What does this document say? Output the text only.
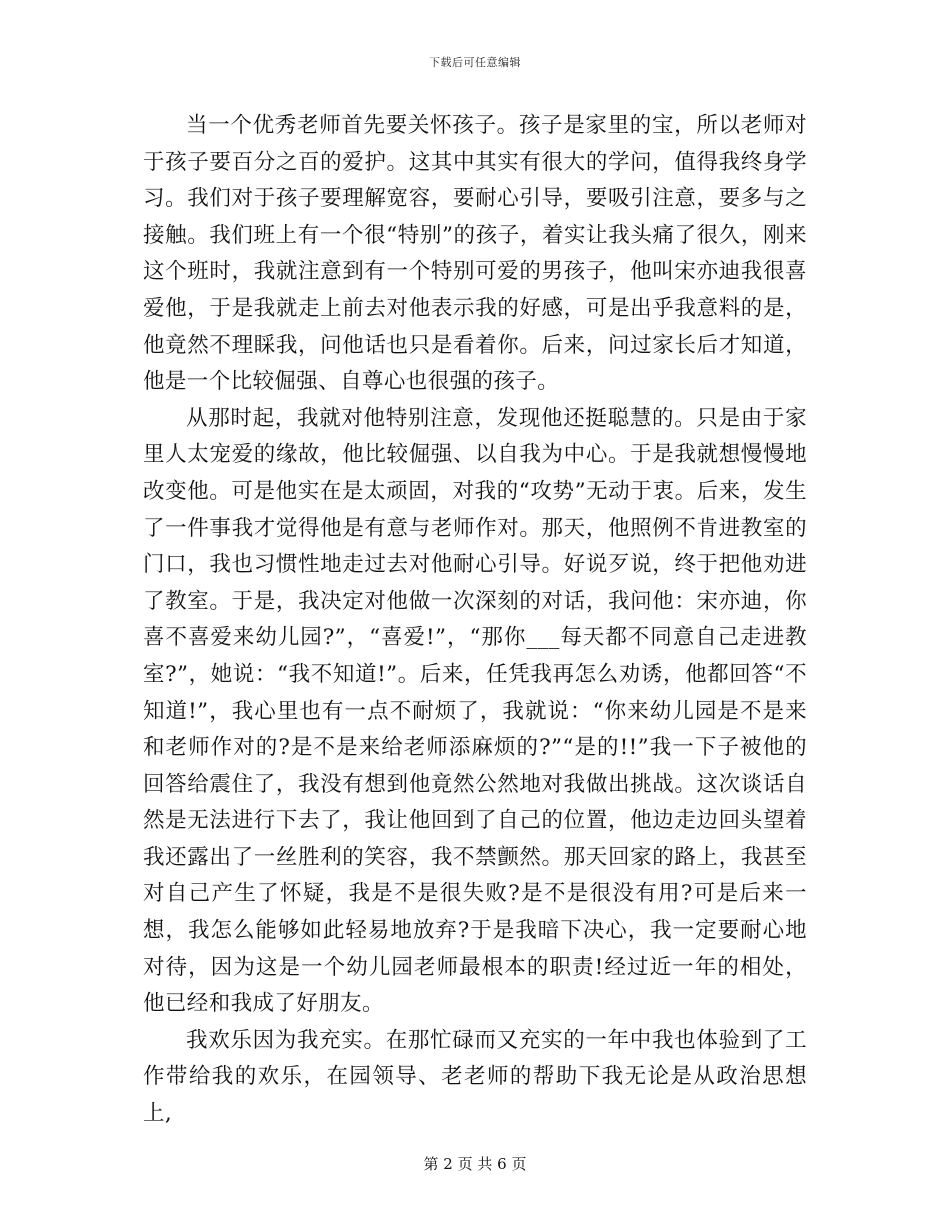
下载后可任意编辑

当一个优秀老师首先要关怀孩子。孩子是家里的宝，所以老师对于孩子要百分之百的爱护。这其中其实有很大的学问，值得我终身学习。我们对于孩子要理解宽容，要耐心引导，要吸引注意，要多与之接触。我们班上有一个很“特别”的孩子，着实让我头痛了很久，刚来这个班时，我就注意到有一个特别可爱的男孩子，他叫宋亦迪我很喜爱他，于是我就走上前去对他表示我的好感，可是出乎我意料的是，他竟然不理睬我，问他话也只是看着你。后来，问过家长后才知道，他是一个比较倔强、自尊心也很强的孩子。

从那时起，我就对他特别注意，发现他还挺聪慧的。只是由于家里人太宠爱的缘故，他比较倔强、以自我为中心。于是我就想慢慢地改变他。可是他实在是太顽固，对我的“攻势”无动于衷。后来，发生了一件事我才觉得他是有意与老师作对。那天，他照例不肯进教室的门口，我也习惯性地走过去对他耐心引导。好说歹说，终于把他劝进了教室。于是，我决定对他做一次深刻的对话，我问他：宋亦迪，你喜不喜爱来幼儿园?”，“喜爱!”，“那你___每天都不同意自己走进教室?”，她说：“我不知道!”。后来，任凭我再怎么劝诱，他都回答“不知道!”，我心里也有一点不耐烦了，我就说：“你来幼儿园是不是来和老师作对的?是不是来给老师添麻烦的?”“是的!!”我一下子被他的回答给震住了，我没有想到他竟然公然地对我做出挑战。这次谈话自然是无法进行下去了，我让他回到了自己的位置，他边走边回头望着我还露出了一丝胜利的笑容，我不禁颤然。那天回家的路上，我甚至对自己产生了怀疑，我是不是很失败?是不是很没有用?可是后来一想，我怎么能够如此轻易地放弃?于是我暗下决心，我一定要耐心地对待，因为这是一个幼儿园老师最根本的职责!经过近一年的相处，他已经和我成了好朋友。

我欢乐因为我充实。在那忙碌而又充实的一年中我也体验到了工作带给我的欢乐，在园领导、老老师的帮助下我无论是从政治思想上,

第 2 页 共 6 页
